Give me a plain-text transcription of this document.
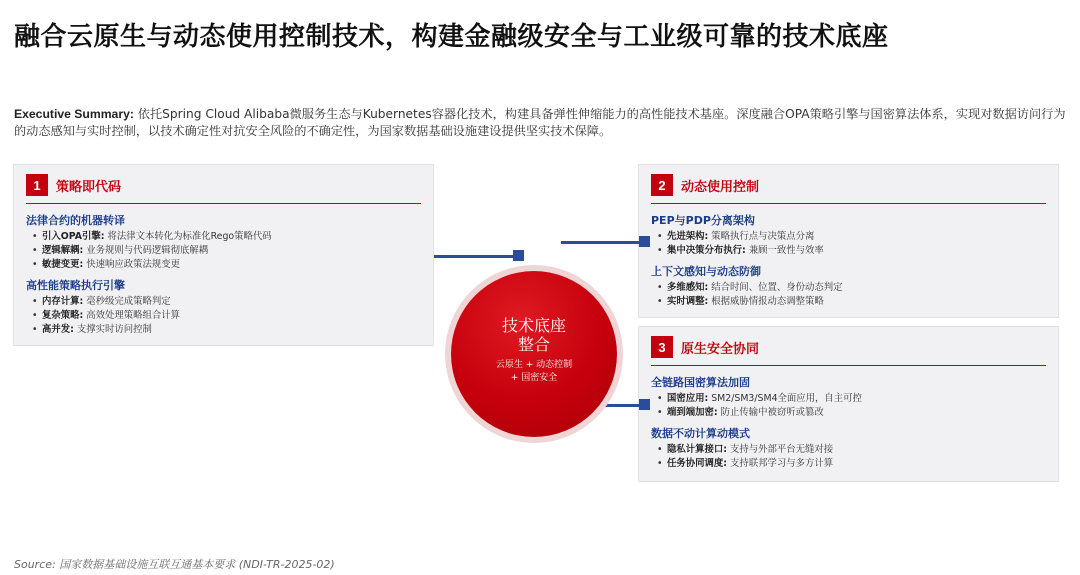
融合云原生与动态使用控制技术，构建金融级安全与工业级可靠的技术底座
Executive Summary: 依托Spring Cloud Alibaba微服务生态与Kubernetes容器化技术，构建具备弹性伸缩能力的高性能技术基座。深度融合OPA策略引擎与国密算法体系，实现对数据访问行为的动态感知与实时控制，以技术确定性对抗安全风险的不确定性，为国家数据基础设施建设提供坚实技术保障。
1	策略即代码
法律合约的机器转译
• 引入OPA引擎: 将法律文本转化为标准化Rego策略代码
• 逻辑解耦: 业务规则与代码逻辑彻底解耦
• 敏捷变更: 快速响应政策法规变更
高性能策略执行引擎
• 内存计算: 毫秒级完成策略判定
• 复杂策略: 高效处理策略组合计算
• 高并发: 支撑实时访问控制
2	动态使用控制
PEP与PDP分离架构
• 先进架构: 策略执行点与决策点分离
• 集中决策分布执行: 兼顾一致性与效率
上下文感知与动态防御
• 多维感知: 结合时间、位置、身份动态判定
• 实时调整: 根据威胁情报动态调整策略
3	原生安全协同
全链路国密算法加固
• 国密应用: SM2/SM3/SM4全面应用，自主可控
• 端到端加密: 防止传输中被窃听或篡改
数据不动计算动模式
• 隐私计算接口: 支持与外部平台无缝对接
• 任务协同调度: 支持联邦学习与多方计算
技术底座
整合
云原生 + 动态控制
+ 国密安全
Source: 国家数据基础设施互联互通基本要求 (NDI-TR-2025-02)
